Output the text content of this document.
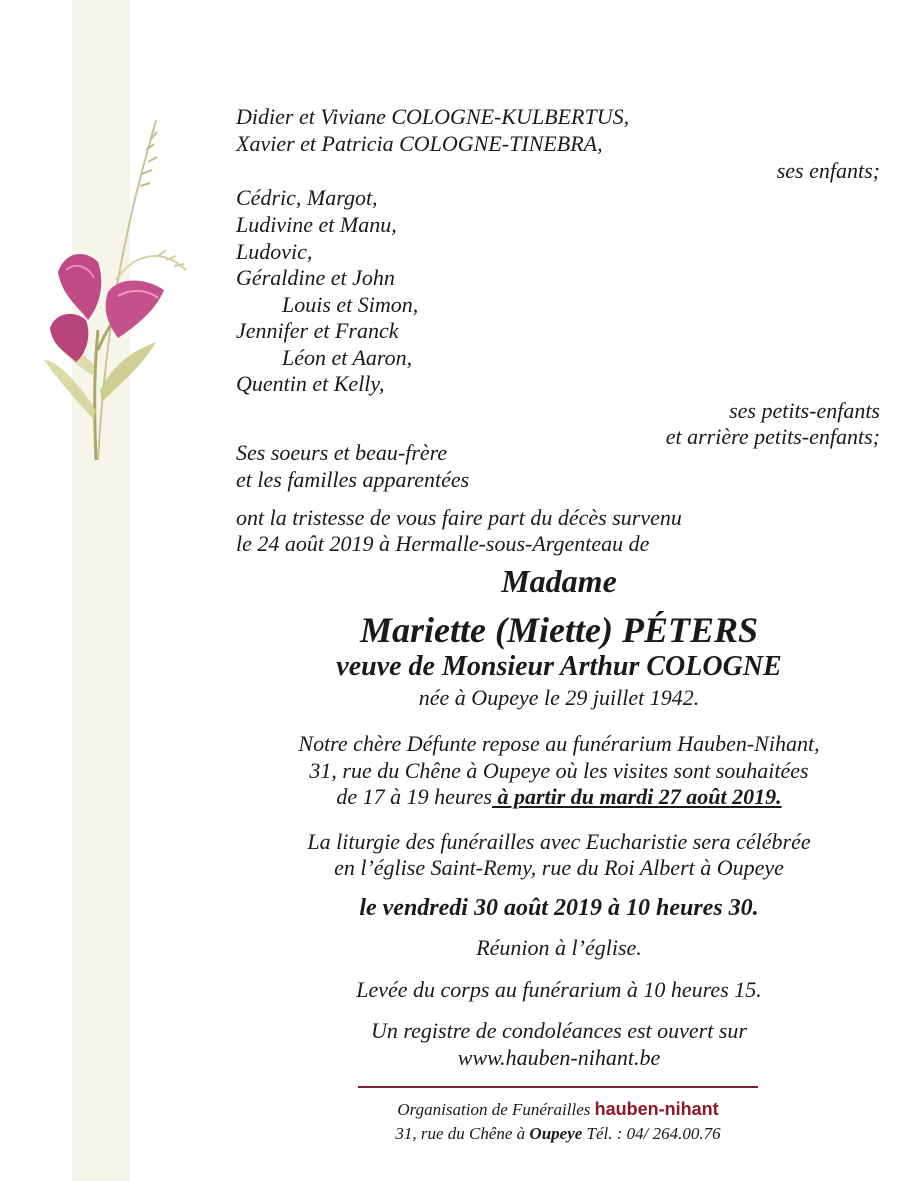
Didier et Viviane COLOGNE-KULBERTUS,
Xavier et Patricia COLOGNE-TINEBRA,
ses enfants;
Cédric, Margot,
Ludivine et Manu,
Ludovic,
Géraldine et John
Louis et Simon,
Jennifer et Franck
Léon et Aaron,
Quentin et Kelly,
ses petits-enfants
et arrière petits-enfants;
Ses soeurs et beau-frère
et les familles apparentées
ont la tristesse de vous faire part du décès survenu
le 24 août 2019 à Hermalle-sous-Argenteau de
Madame
Mariette (Miette) PÉTERS
veuve de Monsieur Arthur COLOGNE
née à Oupeye le 29 juillet 1942.
Notre chère Défunte repose au funérarium Hauben-Nihant,
31, rue du Chêne à Oupeye où les visites sont souhaitées
de 17 à 19 heures à partir du mardi 27 août 2019.
La liturgie des funérailles avec Eucharistie sera célébrée
en l’église Saint-Remy, rue du Roi Albert à Oupeye
le vendredi 30 août 2019 à 10 heures 30.
Réunion à l’église.
Levée du corps au funérarium à 10 heures 15.
Un registre de condoléances est ouvert sur
www.hauben-nihant.be
Organisation de Funérailles hauben-nihant
31, rue du Chêne à Oupeye Tél. : 04/ 264.00.76
